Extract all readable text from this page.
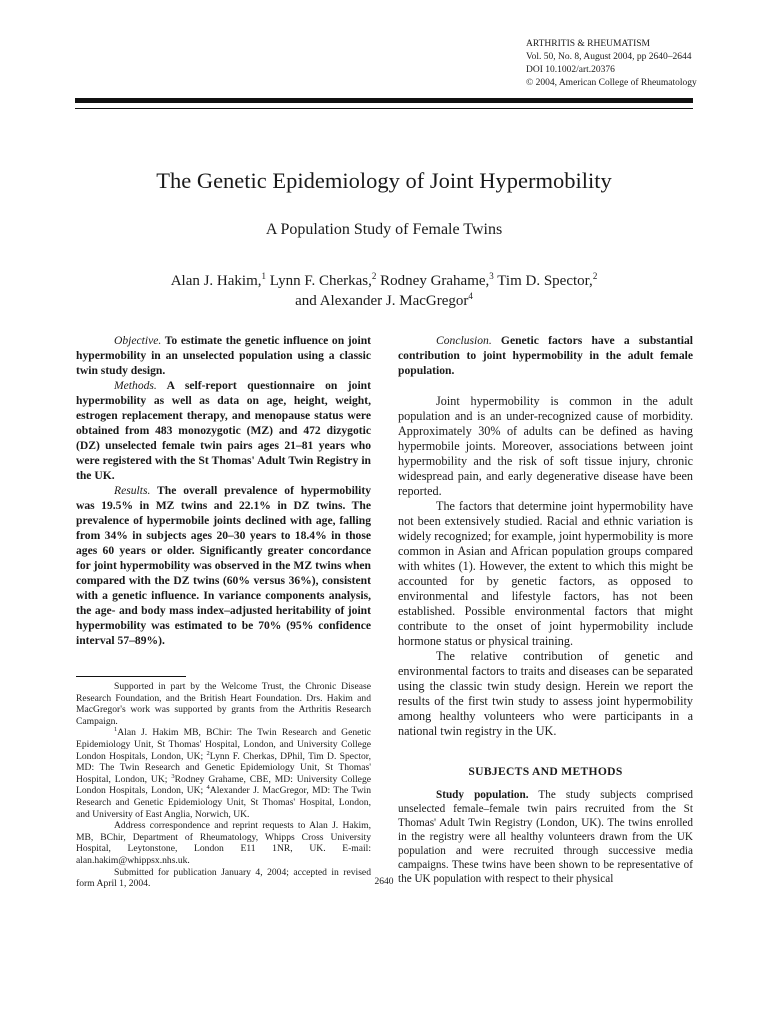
ARTHRITIS & RHEUMATISM
Vol. 50, No. 8, August 2004, pp 2640–2644
DOI 10.1002/art.20376
© 2004, American College of Rheumatology
The Genetic Epidemiology of Joint Hypermobility
A Population Study of Female Twins
Alan J. Hakim,$^1$ Lynn F. Cherkas,$^2$ Rodney Grahame,$^3$ Tim D. Spector,$^2$
and Alexander J. MacGregor$^4$

Objective. To estimate the genetic influence on joint hypermobility in an unselected population using a classic twin study design.

Methods. A self-report questionnaire on joint hypermobility as well as data on age, height, weight, estrogen replacement therapy, and menopause status were obtained from 483 monozygotic (MZ) and 472 dizygotic (DZ) unselected female twin pairs ages 21–81 years who were registered with the St Thomas' Adult Twin Registry in the UK.

Results. The overall prevalence of hypermobility was 19.5% in MZ twins and 22.1% in DZ twins. The prevalence of hypermobile joints declined with age, falling from 34% in subjects ages 20–30 years to 18.4% in those ages 60 years or older. Significantly greater concordance for joint hypermobility was observed in the MZ twins when compared with the DZ twins (60% versus 36%), consistent with a genetic influence. In variance components analysis, the age- and body mass index–adjusted heritability of joint hypermobility was estimated to be 70% (95% confidence interval 57–89%).

Supported in part by the Welcome Trust, the Chronic Disease Research Foundation, and the British Heart Foundation. Drs. Hakim and MacGregor's work was supported by grants from the Arthritis Research Campaign.

$^1$Alan J. Hakim MB, BChir: The Twin Research and Genetic Epidemiology Unit, St Thomas' Hospital, London, and University College London Hospitals, London, UK; $^2$Lynn F. Cherkas, DPhil, Tim D. Spector, MD: The Twin Research and Genetic Epidemiology Unit, St Thomas' Hospital, London, UK; $^3$Rodney Grahame, CBE, MD: University College London Hospitals, London, UK; $^4$Alexander J. MacGregor, MD: The Twin Research and Genetic Epidemiology Unit, St Thomas' Hospital, London, and University of East Anglia, Norwich, UK.

Address correspondence and reprint requests to Alan J. Hakim, MB, BChir, Department of Rheumatology, Whipps Cross University Hospital, Leytonstone, London E11 1NR, UK. E-mail: alan.hakim@whippsx.nhs.uk.

Submitted for publication January 4, 2004; accepted in revised form April 1, 2004.

Conclusion. Genetic factors have a substantial contribution to joint hypermobility in the adult female population.

Joint hypermobility is common in the adult population and is an under-recognized cause of morbidity. Approximately 30% of adults can be defined as having hypermobile joints. Moreover, associations between joint hypermobility and the risk of soft tissue injury, chronic widespread pain, and early degenerative disease have been reported.

The factors that determine joint hypermobility have not been extensively studied. Racial and ethnic variation is widely recognized; for example, joint hypermobility is more common in Asian and African population groups compared with whites (1). However, the extent to which this might be accounted for by genetic factors, as opposed to environmental and lifestyle factors, has not been established. Possible environmental factors that might contribute to the onset of joint hypermobility include hormone status or physical training.

The relative contribution of genetic and environmental factors to traits and diseases can be separated using the classic twin study design. Herein we report the results of the first twin study to assess joint hypermobility among healthy volunteers who were participants in a national twin registry in the UK.

SUBJECTS AND METHODS

Study population. The study subjects comprised unselected female–female twin pairs recruited from the St Thomas' Adult Twin Registry (London, UK). The twins enrolled in the registry were all healthy volunteers drawn from the UK population and were recruited through successive media campaigns. These twins have been shown to be representative of the UK population with respect to their physical

2640
